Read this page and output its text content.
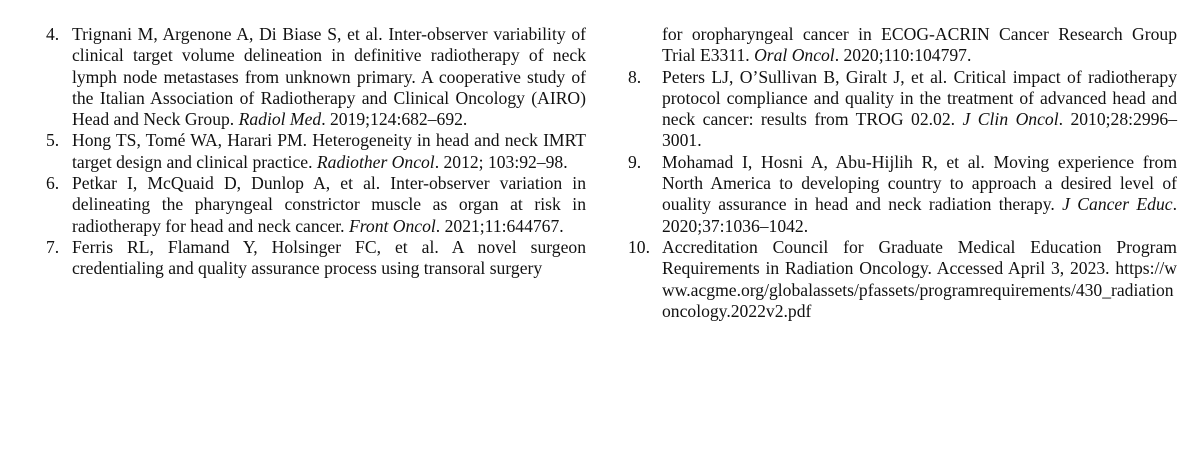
4. Trignani M, Argenone A, Di Biase S, et al. Inter-observer variability of clinical target volume delineation in definitive radiotherapy of neck lymph node metastases from unknown primary. A cooperative study of the Italian Association of Radiotherapy and Clinical Oncology (AIRO) Head and Neck Group. Radiol Med. 2019;124:682–692.
5. Hong TS, Tomé WA, Harari PM. Heterogeneity in head and neck IMRT target design and clinical practice. Radiother Oncol. 2012; 103:92–98.
6. Petkar I, McQuaid D, Dunlop A, et al. Inter-observer variation in delineating the pharyngeal constrictor muscle as organ at risk in radiotherapy for head and neck cancer. Front Oncol. 2021;11:644767.
7. Ferris RL, Flamand Y, Holsinger FC, et al. A novel surgeon credentialing and quality assurance process using transoral surgery
for oropharyngeal cancer in ECOG-ACRIN Cancer Research Group Trial E3311. Oral Oncol. 2020;110:104797.
8.	Peters LJ, O’Sullivan B, Giralt J, et al. Critical impact of radiotherapy protocol compliance and quality in the treatment of advanced head and neck cancer: results from TROG 02.02. J Clin Oncol. 2010;28:2996–3001.
9.	Mohamad I, Hosni A, Abu-Hijlih R, et al. Moving experience from North America to developing country to approach a desired level of ouality assurance in head and neck radiation therapy. J Cancer Educ. 2020;37:1036–1042.
10. Accreditation Council for Graduate Medical Education Program Requirements in Radiation Oncology. Accessed April 3, 2023. https://www.acgme.org/globalassets/pfassets/programrequirements/430_radiationoncology.2022v2.pdf
